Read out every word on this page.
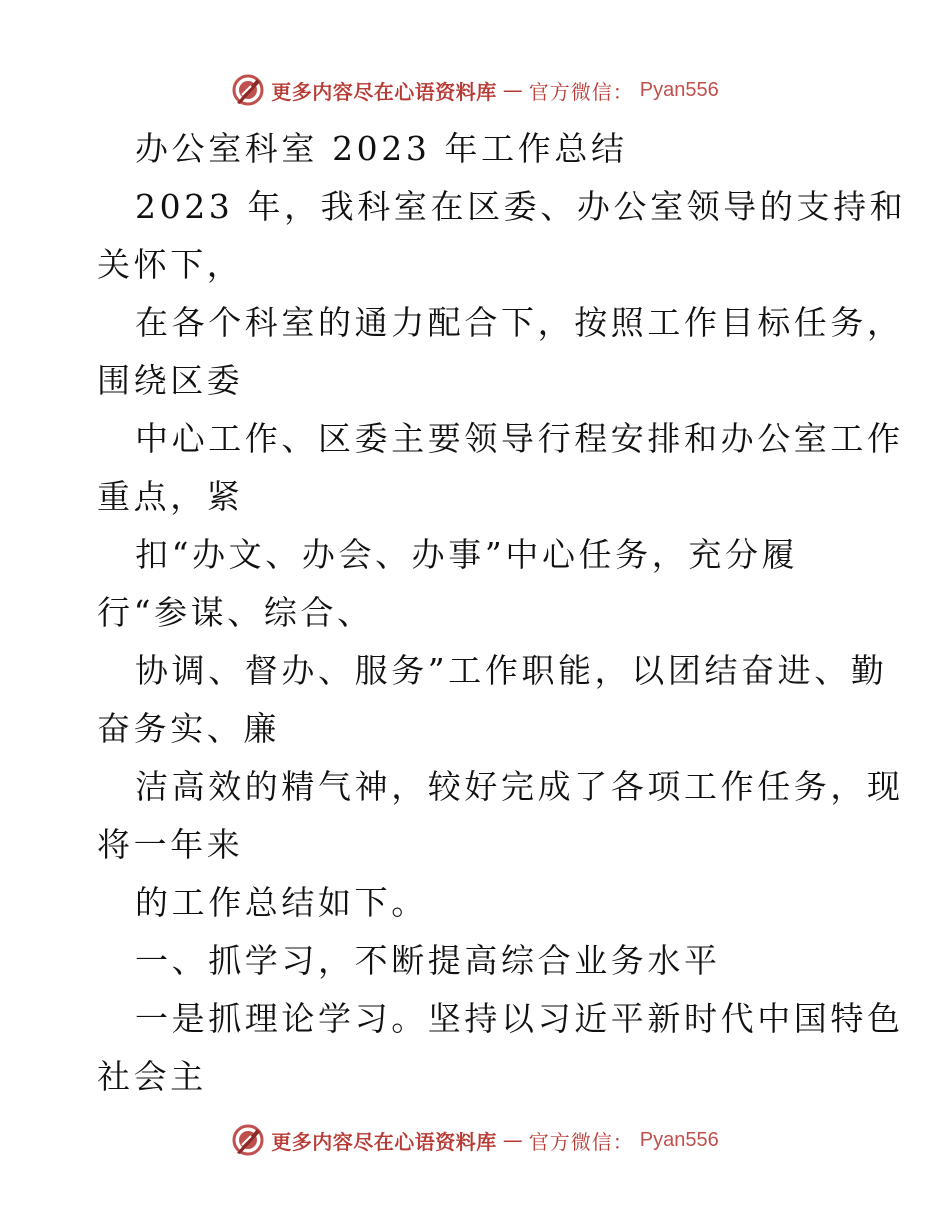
更多内容尽在心语资料库 — 官方微信： Pyan556
办公室科室 2023 年工作总结
2023 年，我科室在区委、办公室领导的支持和
关怀下，
在各个科室的通力配合下，按照工作目标任务，
围绕区委
中心工作、区委主要领导行程安排和办公室工作
重点，紧
扣“办文、办会、办事”中心任务，充分履
行“参谋、综合、
协调、督办、服务”工作职能，以团结奋进、勤
奋务实、廉
洁高效的精气神，较好完成了各项工作任务，现
将一年来
的工作总结如下。
一、抓学习，不断提高综合业务水平
一是抓理论学习。坚持以习近平新时代中国特色
社会主
更多内容尽在心语资料库 — 官方微信： Pyan556
